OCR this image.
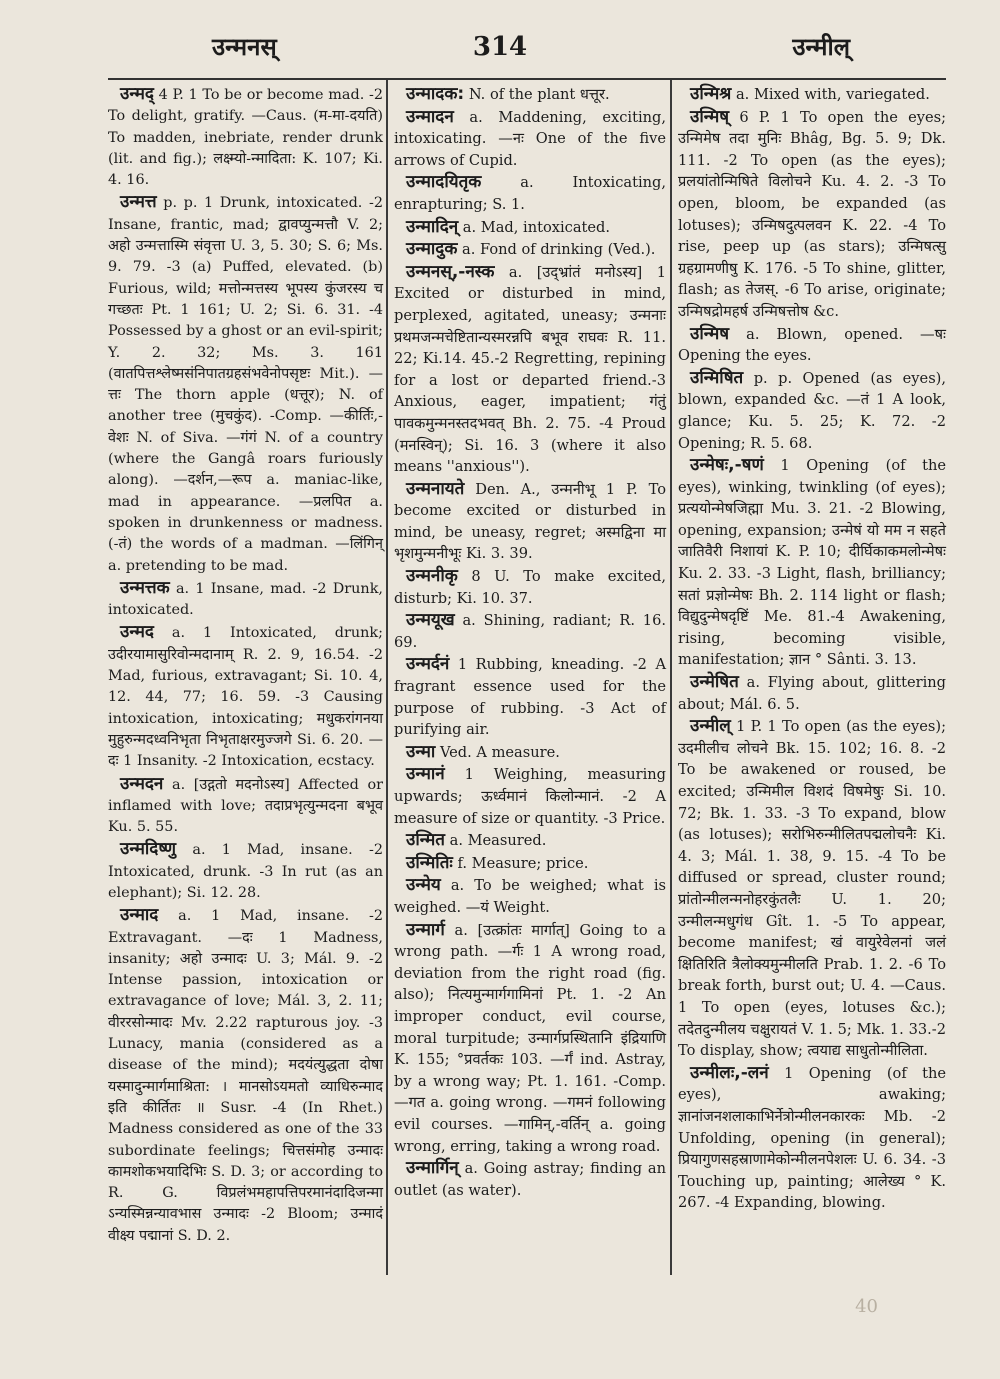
उन्मनस्	314	उन्मील्

उन्मद् 4 P. 1 To be or become mad. -2 To delight, gratify. —Caus. (म-मा-दयति) To madden, inebriate, render drunk (lit. and fig.); लक्ष्म्यो-न्मादिता: K. 107; Ki. 4. 16.

उन्मत्त p. p. 1 Drunk, intoxicated. -2 Insane, frantic, mad; द्वावप्युन्मत्तौ V. 2; अहो उन्मत्तास्मि संवृत्ता U. 3, 5. 30; S. 6; Ms. 9. 79. -3 (a) Puffed, elevated. (b) Furious, wild; मत्तोन्मत्तस्य भूपस्य कुंजरस्य च गच्छतः Pt. 1 161; U. 2; Si. 6. 31. -4 Possessed by a ghost or an evil-spirit; Y. 2. 32; Ms. 3. 161 (वातपित्तश्लेष्मसंनिपातग्रहसंभवेनोपसृष्टः Mit.). —त्तः The thorn apple (धत्तूर); N. of another tree (मुचकुंद). -Comp. —कीर्तिः,-वेशः N. of Siva. —गंगं N. of a country (where the Gangâ roars furiously along). —दर्शन,—रूप a. maniac-like, mad in appearance. —प्रलपित a. spoken in drunkenness or madness. (-तं) the words of a madman. —लिंगिन् a. pretending to be mad.

उन्मत्तक a. 1 Insane, mad. -2 Drunk, intoxicated.

उन्मद a. 1 Intoxicated, drunk; उदीरयामासुरिवोन्मदानाम् R. 2. 9, 16.54. -2 Mad, furious, extravagant; Si. 10. 4, 12. 44, 77; 16. 59. -3 Causing intoxication, intoxicating; मधुकरांगनया मुहुरुन्मदध्वनिभृता निभृताक्षरमुज्जगे Si. 6. 20. —दः 1 Insanity. -2 Intoxication, ecstacy.

उन्मदन a. [उद्गतो मदनोऽस्य] Affected or inflamed with love; तदाप्रभृत्युन्मदना बभूव Ku. 5. 55.

उन्मदिष्णु a. 1 Mad, insane. -2 Intoxicated, drunk. -3 In rut (as an elephant); Si. 12. 28.

उन्माद a. 1 Mad, insane. -2 Extravagant. —दः 1 Madness, insanity; अहो उन्मादः U. 3; Mál. 9. -2 Intense passion, intoxication or extravagance of love; Mál. 3, 2. 11; वीररसोन्मादः Mv. 2.22 rapturous joy. -3 Lunacy, mania (considered as a disease of the mind); मदयंत्युद्धता दोषा यस्मादुन्मार्गमाश्रिता: । मानसोऽयमतो व्याधिरुन्माद इति कीर्तितः ॥ Susr. -4 (In Rhet.) Madness considered as one of the 33 subordinate feelings; चित्तसंमोह उन्मादः कामशोकभयादिभिः S. D. 3; or according to R. G. विप्रलंभमहापत्तिपरमानंदादिजन्मा ऽन्यस्मिन्नन्यावभास उन्मादः -2 Bloom; उन्मादं वीक्ष्य पद्मानां S. D. 2.

उन्मादक: N. of the plant धत्तूर.

उन्मादन a. Maddening, exciting, intoxicating. —नः One of the five arrows of Cupid.

उन्मादयितृक	a. Intoxicating, enrapturing; S. 1.

उन्मादिन् a. Mad, intoxicated.

उन्मादुक a. Fond of drinking (Ved.).

उन्मनस्,-नस्क a. [उद्भ्रांतं मनोऽस्य] 1 Excited or disturbed in mind, perplexed, agitated, uneasy; उन्मनाः प्रथमजन्मचेष्टितान्यस्मरन्नपि बभूव राघवः R. 11. 22; Ki.14. 45.-2 Regretting, repining for a lost or departed friend.-3 Anxious, eager, impatient; गंतुं पावकमुन्मनस्तदभवत् Bh. 2. 75. -4 Proud (मनस्विन्); Si. 16. 3 (where it also means ''anxious'').

उन्मनायते Den. A., उन्मनीभू 1 P. To become excited or disturbed in mind, be uneasy, regret; अस्मद्विना मा भृशमुन्मनीभूः Ki. 3. 39.

उन्मनीकृ 8 U. To make excited, disturb; Ki. 10. 37.

उन्मयूख a. Shining, radiant; R. 16. 69.

उन्मर्दनं 1 Rubbing, kneading. -2 A fragrant essence used for the purpose of rubbing. -3 Act of purifying air.

उन्मा Ved. A measure.

उन्मानं 1 Weighing, measuring upwards; ऊर्ध्वमानं किलोन्मानं. -2 A measure of size or quantity. -3 Price.

उन्मित a. Measured.

उन्मितिः f. Measure; price.

उन्मेय a. To be weighed; what is weighed. —यं Weight.

उन्मार्ग a. [उत्क्रांतः मार्गात्] Going to a wrong path. —र्गः 1 A wrong road, deviation from the right road (fig. also); नित्यमुन्मार्गगामिनां Pt. 1. -2 An improper conduct, evil course, moral turpitude; उन्मार्गप्रस्थितानि इंद्रियाणि K. 155; °प्रवर्तकः 103. —र्गं ind. Astray, by a wrong way; Pt. 1. 161. -Comp. —गत a. going wrong. —गमनं following evil courses. —गामिन्,-वर्तिन् a. going wrong, erring, taking a wrong road.

उन्मार्गिन् a. Going astray; finding an outlet (as water).

उन्मिश्र a. Mixed with, variegated.

उन्मिष् 6 P. 1 To open the eyes; उन्मिमेष तदा मुनिः Bhâg, Bg. 5. 9; Dk. 111. -2 To open (as the eyes); प्रलयांतोन्मिषिते विलोचने Ku. 4. 2. -3 To open, bloom, be expanded (as lotuses); उन्मिषदुत्पलवन K. 22. -4 To rise, peep up (as stars); उन्मिषत्सु ग्रहग्रामणीषु K. 176. -5 To shine, glitter, flash; as तेजस्. -6 To arise, originate; उन्मिषद्रोमहर्ष उन्मिषत्तोष &c.

उन्मिष a. Blown, opened. —षः Opening the eyes.

उन्मिषित p. p. Opened (as eyes), blown, expanded &c. —तं 1 A look, glance; Ku. 5. 25; K. 72. -2 Opening; R. 5. 68.

उन्मेषः,-षणं 1 Opening (of the eyes), winking, twinkling (of eyes); प्रत्ययोन्मेषजिह्मा Mu. 3. 21. -2 Blowing, opening, expansion; उन्मेषं यो मम न सहते जातिवैरी निशायां K. P. 10; दीर्घिकाकमलोन्मेषः Ku. 2. 33. -3 Light, flash, brilliancy; सतां प्रज्ञोन्मेषः Bh. 2. 114 light or flash; विद्युदुन्मेषदृष्टिं Me. 81.-4 Awakening, rising, becoming visible, manifestation; ज्ञान ° Sânti. 3. 13.

उन्मेषित a. Flying about, glittering about; Mál. 6. 5.

उन्मील् 1 P. 1 To open (as the eyes); उदमीलीच लोचने Bk. 15. 102; 16. 8. -2 To be awakened or roused, be excited; उन्मिमील विशदं विषमेषुः Si. 10. 72; Bk. 1. 33. -3 To expand, blow (as lotuses); सरोभिरुन्मीलितपद्मलोचनैः Ki. 4. 3; Mál. 1. 38, 9. 15. -4 To be diffused or spread, cluster round; प्रांतोन्मीलन्मनोहरकुंतलैः U. 1. 20; उन्मीलन्मधुगंध Gît. 1. -5 To appear, become manifest; खं वायुरेवेलनां जलं क्षितिरिति त्रैलोक्यमुन्मीलति Prab. 1. 2. -6 To break forth, burst out; U. 4. —Caus. 1 To open (eyes, lotuses &c.); तदेतदुन्मीलय चक्षुरायतं V. 1. 5; Mk. 1. 33.-2 To display, show; त्वयाद्य साधुतोन्मीलिता.

उन्मीलः,-लनं 1 Opening (of the eyes), awaking; ज्ञानांजनशलाकाभिर्नेत्रोन्मीलनकारकः Mb. -2 Unfolding, opening (in general); प्रियागुणसहस्राणामेकोन्मीलनपेशलः U. 6. 34. -3 Touching up, painting; आलेख्य ° K. 267. -4 Expanding, blowing.

40
